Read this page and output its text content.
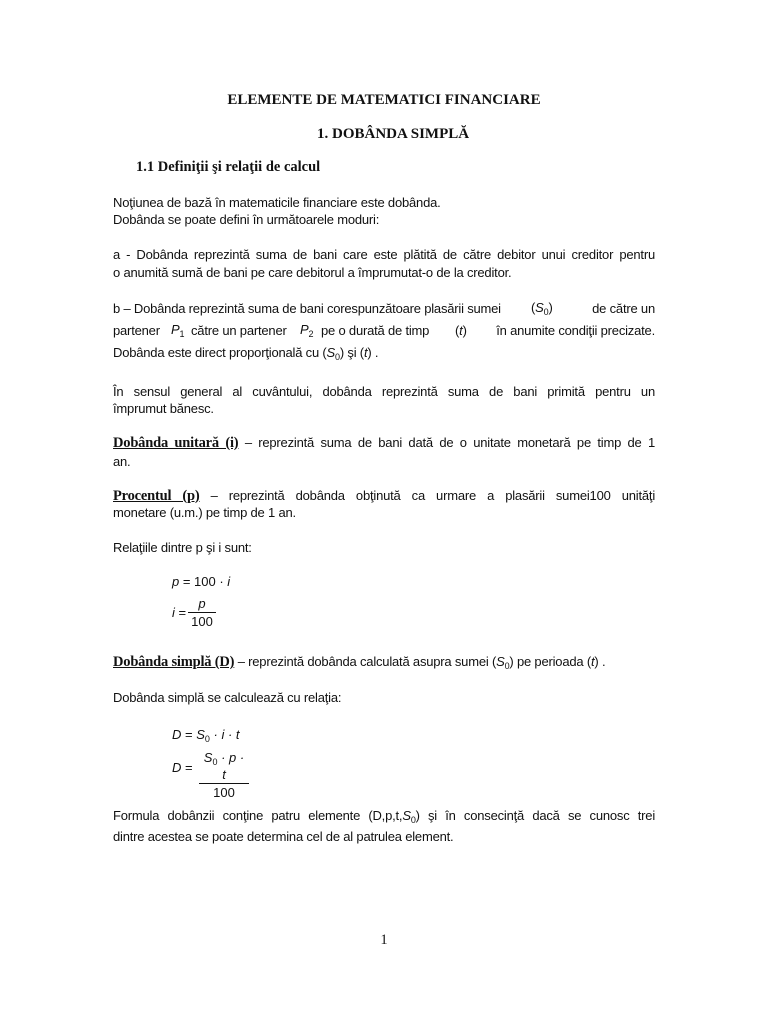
ELEMENTE DE MATEMATICI FINANCIARE
1. DOBÂNDA SIMPLĂ
1.1 Definiţii şi relaţii de calcul
Noţiunea de bază în matematicile financiare este dobânda.
Dobânda se poate defini în următoarele moduri:
a - Dobânda reprezintă suma de bani care este plătită de către debitor unui creditor pentru
o anumită sumă de bani pe care debitorul a împrumutat-o de la creditor.
b – Dobânda reprezintă suma de bani corespunzătoare plasării sumei $(S_0)$	de către un
partener $P_1$ către un partener $P_2$ pe o durată de timp (t) în anumite condiţii precizate.
Dobânda este direct proporţională cu $(S_0)$ şi (t) .
În sensul general al cuvântului, dobânda reprezintă suma de bani primită pentru un
împrumut bănesc.
Dobânda unitară (i) – reprezintă suma de bani dată de o unitate monetară pe timp de 1
an.
Procentul (p) – reprezintă dobânda obţinută ca urmare a plasării sumei100 unităţi
monetare (u.m.) pe timp de 1 an.
Relaţiile dintre p şi i sunt:
p = 100 · i
$i = \frac{p}{100}$
Dobânda simplă (D) – reprezintă dobânda calculată asupra sumei $(S_0)$ pe perioada (t) .
Dobânda simplă se calculează cu relaţia:
$D = S_0 \cdot i \cdot t$
$D = \frac{S_0 \cdot p \cdot t}{100}$
Formula dobânzii conţine patru elemente $(D,p,t,S_0)$ şi în consecinţă dacă se cunosc trei
dintre acestea se poate determina cel de al patrulea element.
1
